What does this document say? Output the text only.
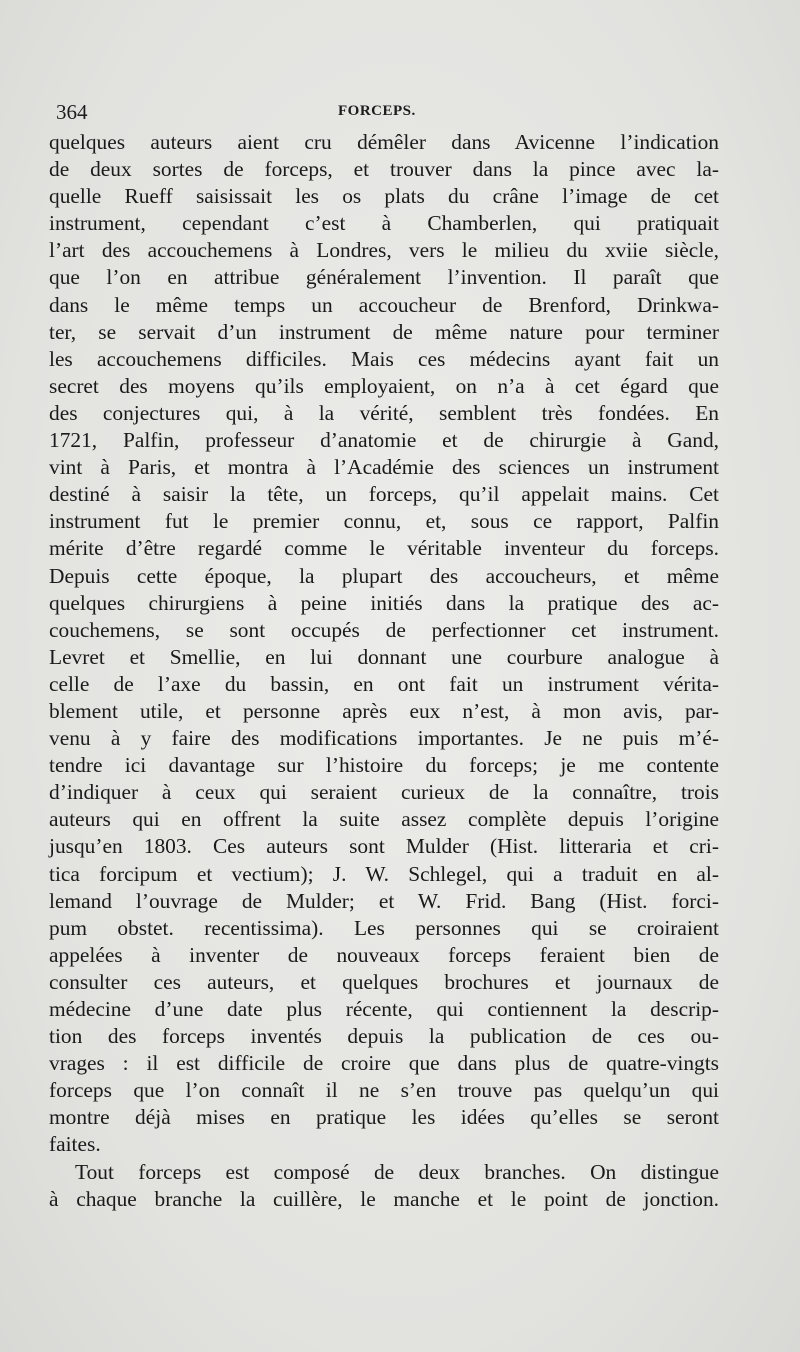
364	FORCEPS.
quelques auteurs aient cru démêler dans Avicenne l’indication
de deux sortes de forceps, et trouver dans la pince avec la-
quelle Rueff saisissait les os plats du crâne l’image de cet
instrument, cependant c’est à Chamberlen, qui pratiquait
l’art des accouchemens à Londres, vers le milieu du xviie siècle,
que l’on en attribue généralement l’invention. Il paraît que
dans le même temps un accoucheur de Brenford, Drinkwa-
ter, se servait d’un instrument de même nature pour terminer
les accouchemens difficiles. Mais ces médecins ayant fait un
secret des moyens qu’ils employaient, on n’a à cet égard que
des conjectures qui, à la vérité, semblent très fondées. En
1721, Palfin, professeur d’anatomie et de chirurgie à Gand,
vint à Paris, et montra à l’Académie des sciences un instrument
destiné à saisir la tête, un forceps, qu’il appelait mains. Cet
instrument fut le premier connu, et, sous ce rapport, Palfin
mérite d’être regardé comme le véritable inventeur du forceps.
Depuis cette époque, la plupart des accoucheurs, et même
quelques chirurgiens à peine initiés dans la pratique des ac-
couchemens, se sont occupés de perfectionner cet instrument.
Levret et Smellie, en lui donnant une courbure analogue à
celle de l’axe du bassin, en ont fait un instrument vérita-
blement utile, et personne après eux n’est, à mon avis, par-
venu à y faire des modifications importantes. Je ne puis m’é-
tendre ici davantage sur l’histoire du forceps; je me contente
d’indiquer à ceux qui seraient curieux de la connaître, trois
auteurs qui en offrent la suite assez complète depuis l’origine
jusqu’en 1803. Ces auteurs sont Mulder (Hist. litteraria et cri-
tica forcipum et vectium); J. W. Schlegel, qui a traduit en al-
lemand l’ouvrage de Mulder; et W. Frid. Bang (Hist. forci-
pum obstet. recentissima). Les personnes qui se croiraient
appelées à inventer de nouveaux forceps feraient bien de
consulter ces auteurs, et quelques brochures et journaux de
médecine d’une date plus récente, qui contiennent la descrip-
tion des forceps inventés depuis la publication de ces ou-
vrages : il est difficile de croire que dans plus de quatre-vingts
forceps que l’on connaît il ne s’en trouve pas quelqu’un qui
montre déjà mises en pratique les idées qu’elles se seront
faites.
Tout forceps est composé de deux branches. On distingue
à chaque branche la cuillère, le manche et le point de jonction.
